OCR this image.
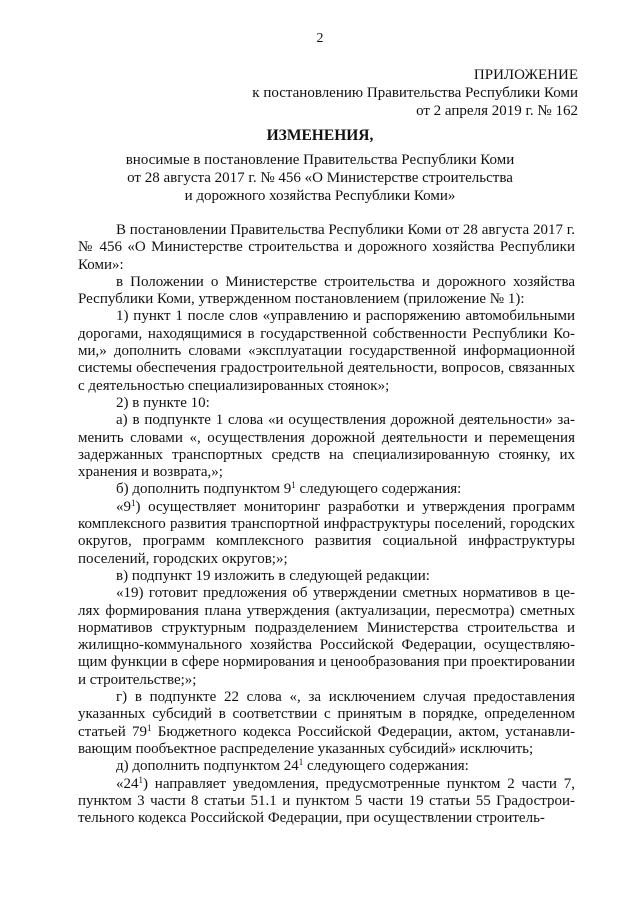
2
ПРИЛОЖЕНИЕ
к постановлению Правительства Республики Коми
от 2 апреля 2019 г. № 162
ИЗМЕНЕНИЯ,
вносимые в постановление Правительства Республики Коми
от 28 августа 2017 г. № 456 «О Министерстве строительства
и дорожного хозяйства Республики Коми»

В постановлении Правительства Республики Коми от 28 августа 2017 г. № 456 «О Министерстве строительства и дорожного хозяйства Республики Коми»:

в Положении о Министерстве строительства и дорожного хозяйства Республики Коми, утвержденном постановлением (приложение № 1):

1) пункт 1 после слов «управлению и распоряжению автомобильными дорогами, находящимися в государственной собственности Республики Коми,» дополнить словами «эксплуатации государственной информационной системы обеспечения градостроительной деятельности, вопросов, связанных с деятельностью специализированных стоянок»;

2) в пункте 10:

а) в подпункте 1 слова «и осуществления дорожной деятельности» заменить словами «, осуществления дорожной деятельности и перемещения задержанных транспортных средств на специализированную стоянку, их хранения и возврата,»;

б) дополнить подпунктом $9^1$ следующего содержания:

«$9^1$) осуществляет мониторинг разработки и утверждения программ комплексного развития транспортной инфраструктуры поселений, городских округов, программ комплексного развития социальной инфраструктуры поселений, городских округов;»;

в) подпункт 19 изложить в следующей редакции:

«19) готовит предложения об утверждении сметных нормативов в целях формирования плана утверждения (актуализации, пересмотра) сметных нормативов структурным подразделением Министерства строительства и жилищно-коммунального хозяйства Российской Федерации, осуществляющим функции в сфере нормирования и ценообразования при проектировании и строительстве;»;

г) в подпункте 22 слова «, за исключением случая предоставления указанных субсидий в соответствии с принятым в порядке, определенном статьей $79^1$ Бюджетного кодекса Российской Федерации, актом, устанавливающим пообъектное распределение указанных субсидий» исключить;

д) дополнить подпунктом $24^1$ следующего содержания:

«$24^1$) направляет уведомления, предусмотренные пунктом 2 части 7, пунктом 3 части 8 статьи 51.1 и пунктом 5 части 19 статьи 55 Градостроительного кодекса Российской Федерации, при осуществлении строитель-
